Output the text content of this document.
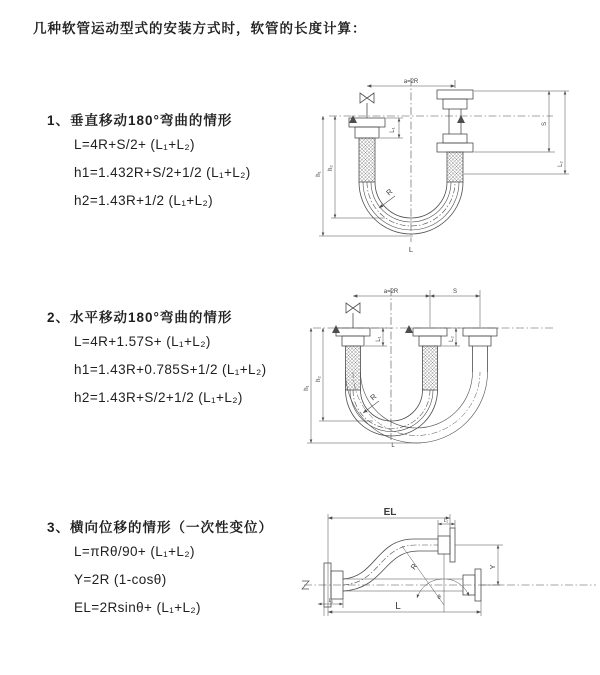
几种软管运动型式的安装方式时，软管的长度计算：
1、垂直移动180°弯曲的情形
L=4R+S/2+ (L₁+L₂)
h1=1.432R+S/2+1/2 (L₁+L₂)
h2=1.43R+1/2 (L₁+L₂)
2、水平移动180°弯曲的情形
L=4R+1.57S+ (L₁+L₂)
h1=1.43R+0.785S+1/2 (L₁+L₂)
h2=1.43R+S/2+1/2 (L₁+L₂)
3、横向位移的情形（一次性变位）
L=πRθ/90+ (L₁+L₂)
Y=2R (1-cosθ)
EL=2Rsinθ+ (L₁+L₂)
a=2R
L₁
S
L₂
h₁
h₂
R
L
a=2R	S
L₁	L₂
h₁
h₂
R
L
EL
L₂
Y
L
L₁
R
θ
